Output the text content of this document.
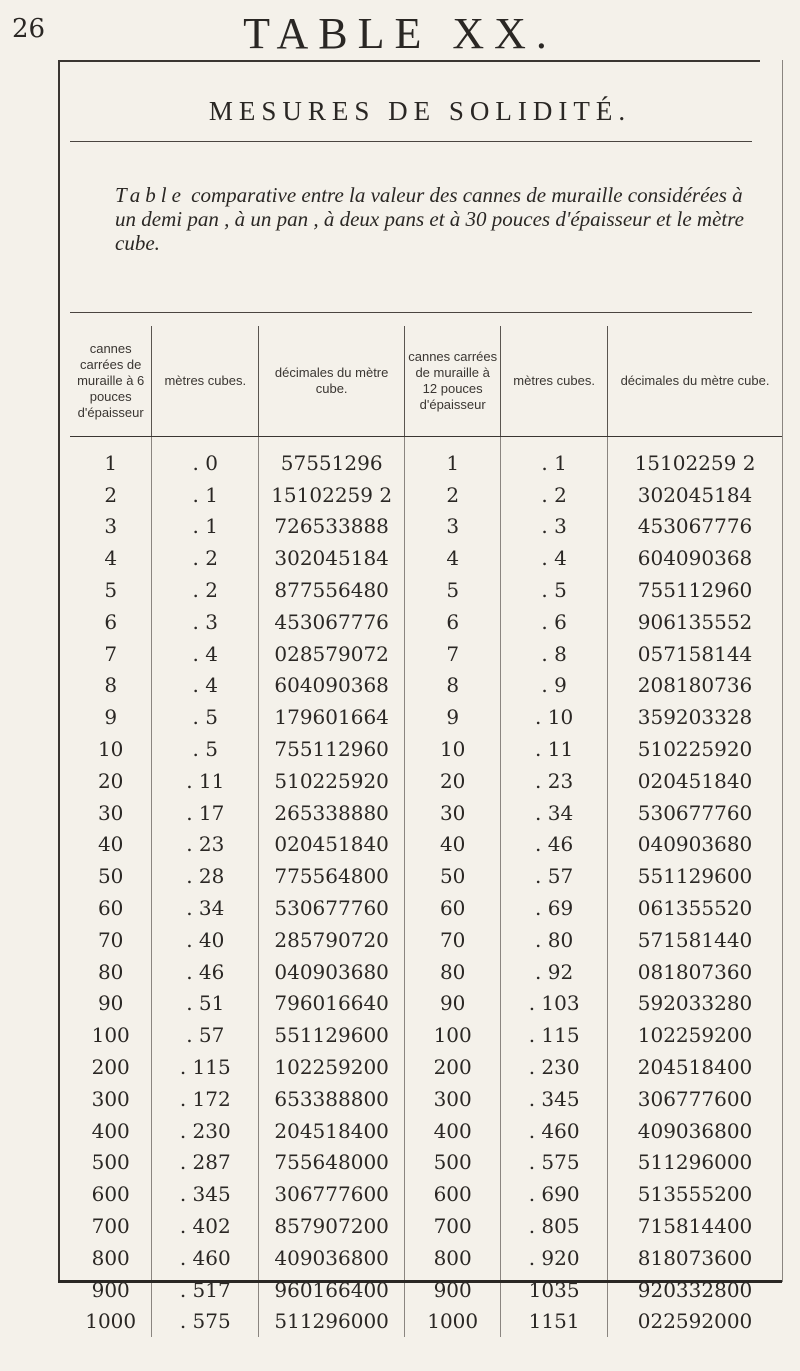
26	TABLE XX.
MESURES DE SOLIDITÉ.
Table comparative entre la valeur des cannes de muraille considérées à un demi pan , à un pan , à deux pans et à 30 pouces d'épaisseur et le mètre cube.
cannes carrées de muraille à 6 pouces d'épaisseur	mètres cubes.	décimales du mètre cube.	cannes carrées de muraille à 12 pouces d'épaisseur	mètres cubes.	décimales du mètre cube.
1	. 0	57551296	1	. 1	15102259 2
2	. 1	15102259 2	2	. 2	302045184
3	. 1	726533888	3	. 3	453067776
4	. 2	302045184	4	. 4	604090368
5	. 2	877556480	5	. 5	755112960
6	. 3	453067776	6	. 6	906135552
7	. 4	028579072	7	. 8	057158144
8	. 4	604090368	8	. 9	208180736
9	. 5	179601664	9	. 10	359203328
10	. 5	755112960	10	. 11	510225920
20	. 11	510225920	20	. 23	020451840
30	. 17	265338880	30	. 34	530677760
40	. 23	020451840	40	. 46	040903680
50	. 28	775564800	50	. 57	551129600
60	. 34	530677760	60	. 69	061355520
70	. 40	285790720	70	. 80	571581440
80	. 46	040903680	80	. 92	081807360
90	. 51	796016640	90	. 103	592033280
100	. 57	551129600	100	. 115	102259200
200	. 115	102259200	200	. 230	204518400
300	. 172	653388800	300	. 345	306777600
400	. 230	204518400	400	. 460	409036800
500	. 287	755648000	500	. 575	511296000
600	. 345	306777600	600	. 690	513555200
700	. 402	857907200	700	. 805	715814400
800	. 460	409036800	800	. 920	818073600
900	. 517	960166400	900	1035	920332800
1000	. 575	511296000	1000	1151	022592000
